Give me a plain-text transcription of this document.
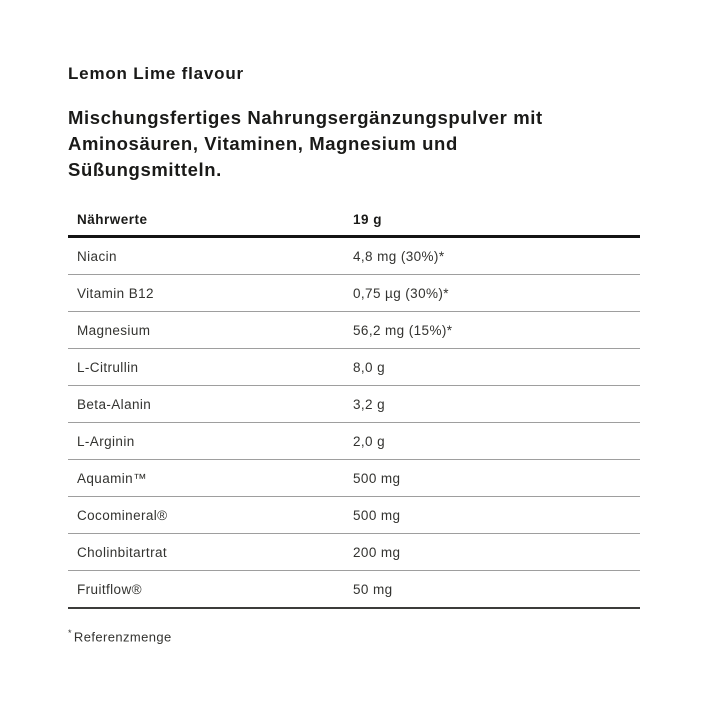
Lemon Lime flavour

Mischungsfertiges Nahrungsergänzungspulver mit
Aminosäuren, Vitaminen, Magnesium und
Süßungsmitteln.

Nährwerte	19 g
Niacin	4,8 mg (30%)*
Vitamin B12	0,75 µg (30%)*
Magnesium	56,2 mg (15%)*
L-Citrullin	8,0 g
Beta-Alanin	3,2 g
L-Arginin	2,0 g
Aquamin™	500 mg
Cocomineral®	500 mg
Cholinbitartrat	200 mg
Fruitflow®	50 mg

* Referenzmenge
